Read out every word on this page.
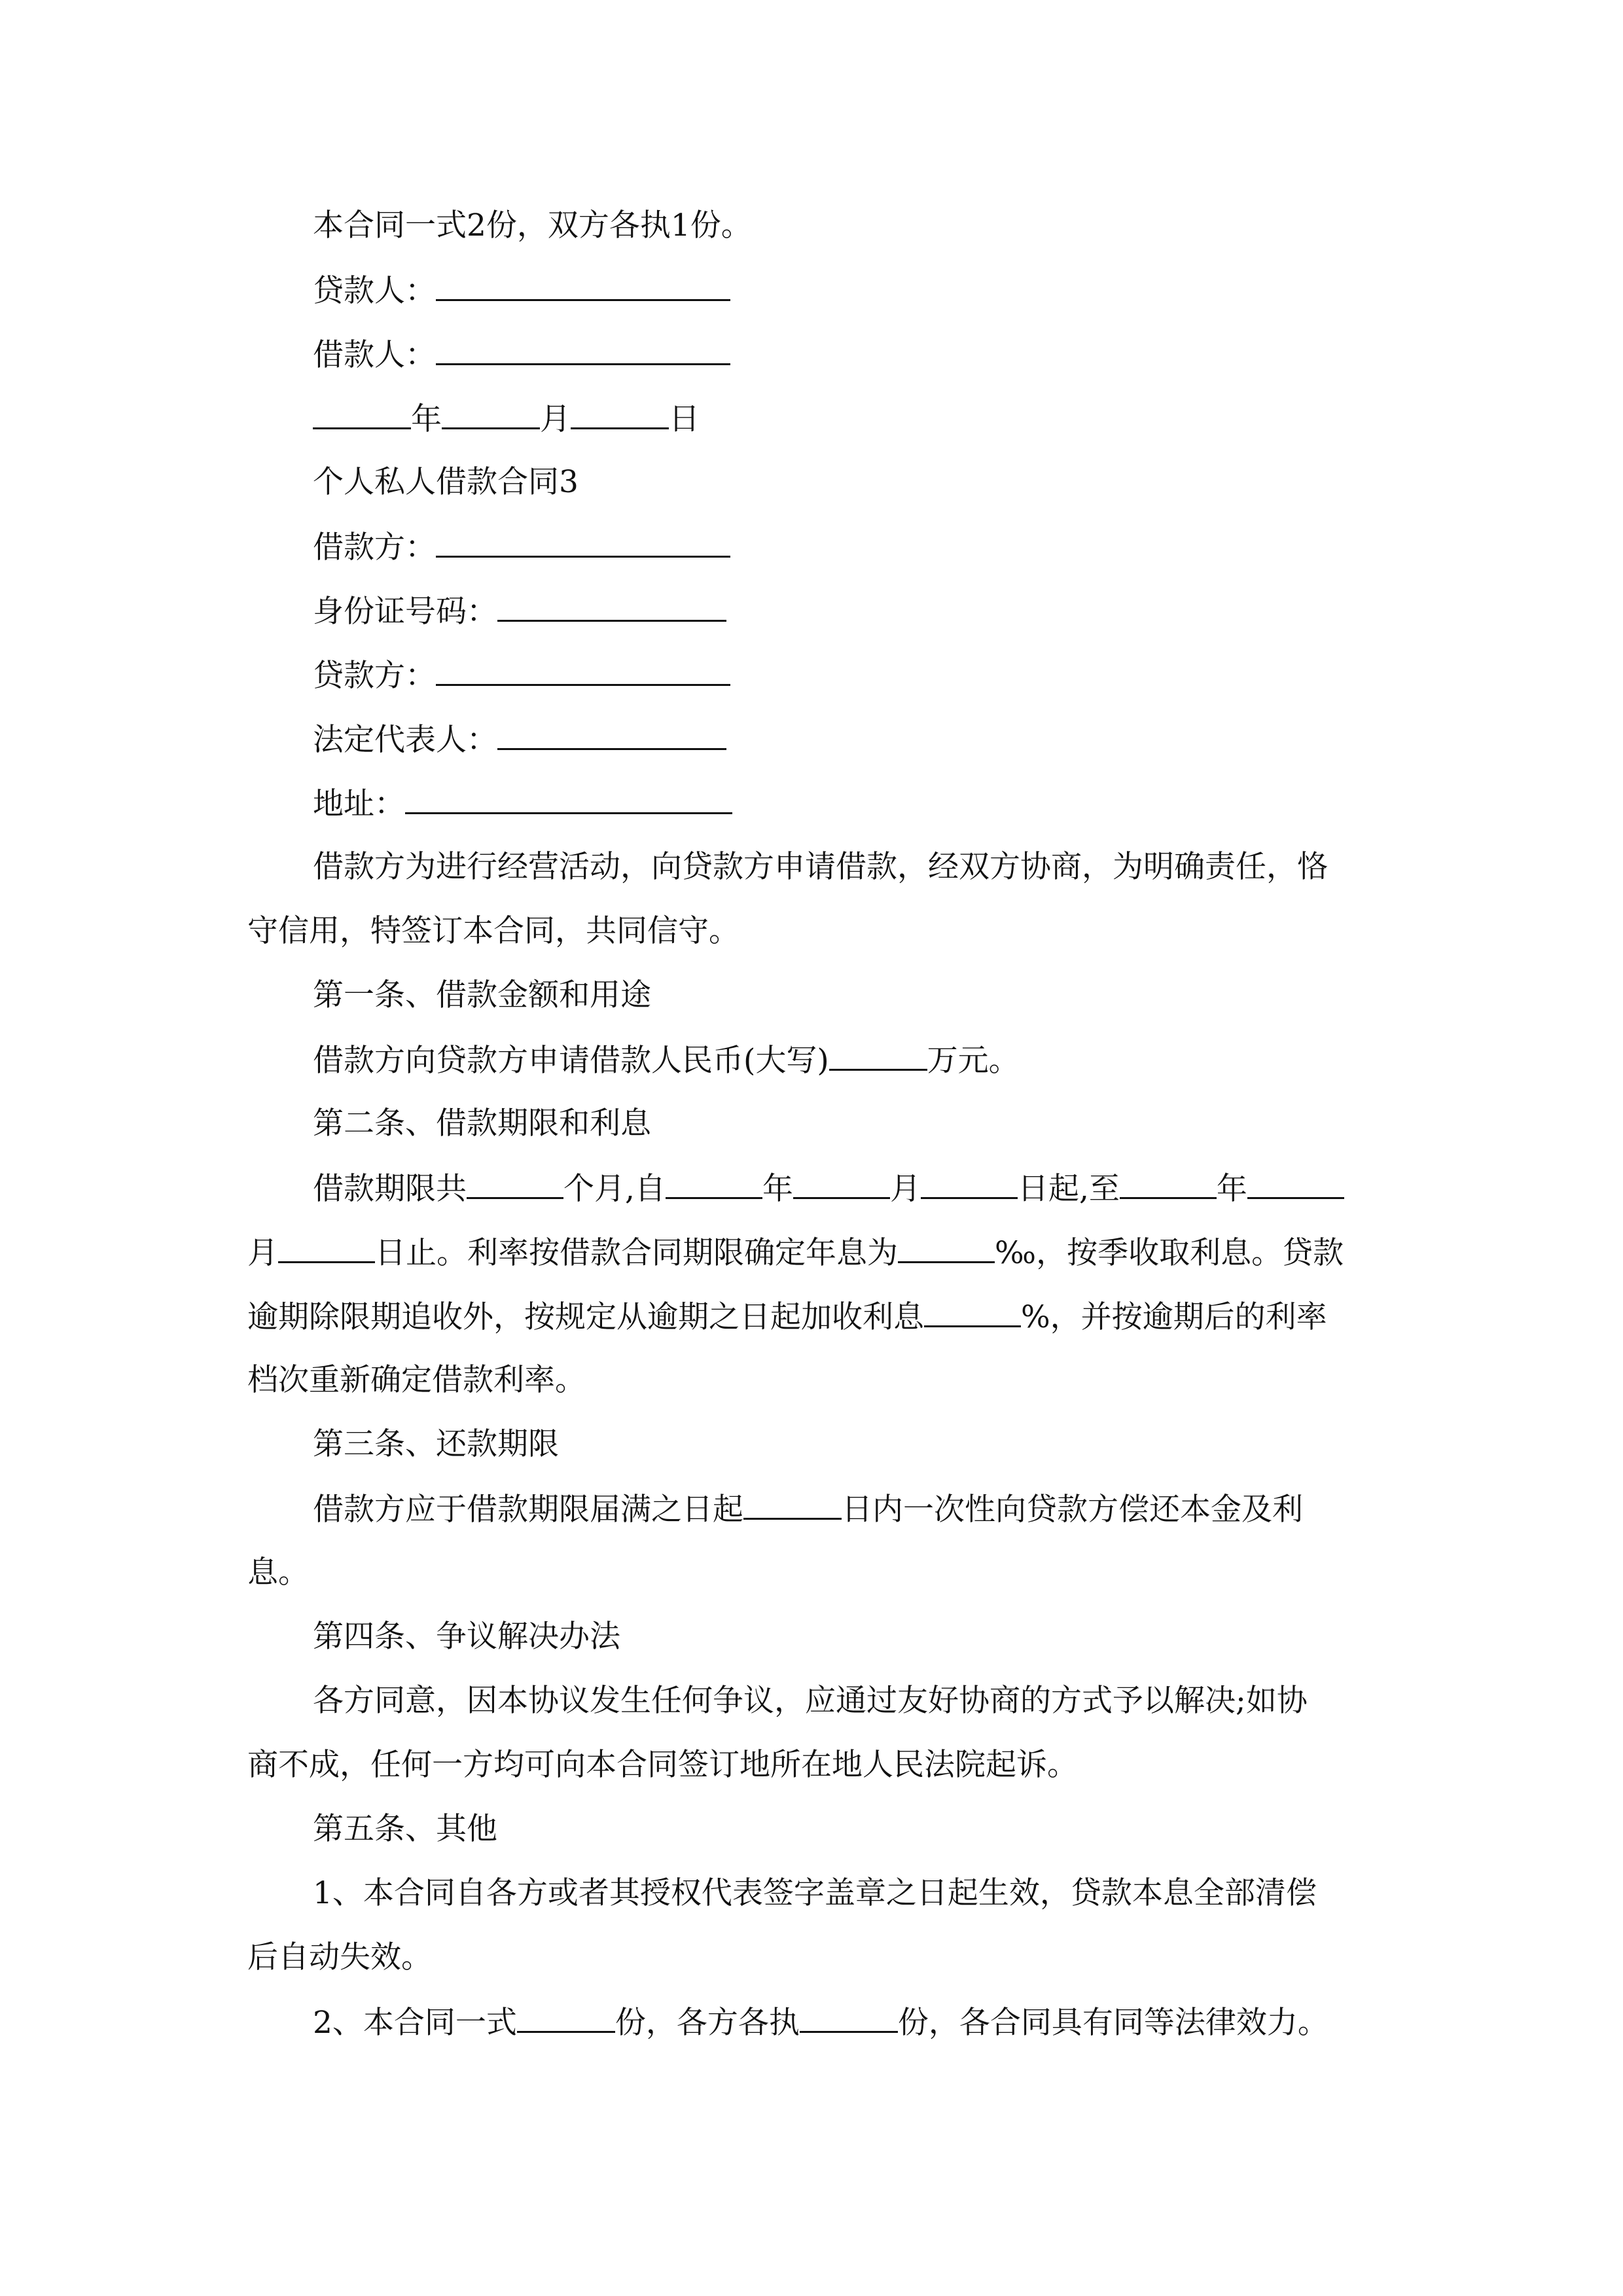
本合同一式2份，双方各执1份。
贷款人：
借款人：
年	月	日
个人私人借款合同3
借款方：
身份证号码：
贷款方：
法定代表人：
地址：
借款方为进行经营活动，向贷款方申请借款，经双方协商，为明确责任，恪
守信用，特签订本合同，共同信守。
第一条、借款金额和用途
借款方向贷款方申请借款人民币(大写)	万元。
第二条、借款期限和利息
借款期限共	个月,自	年	月	日起,至	年
月	日止。利率按借款合同期限确定年息为	‰，按季收取利息。贷款
逾期除限期追收外，按规定从逾期之日起加收利息	%，并按逾期后的利率
档次重新确定借款利率。
第三条、还款期限
借款方应于借款期限届满之日起	日内一次性向贷款方偿还本金及利
息。
第四条、争议解决办法
各方同意，因本协议发生任何争议，应通过友好协商的方式予以解决;如协
商不成，任何一方均可向本合同签订地所在地人民法院起诉。
第五条、其他
1、本合同自各方或者其授权代表签字盖章之日起生效，贷款本息全部清偿
后自动失效。
2、本合同一式	份，各方各执	份，各合同具有同等法律效力。
